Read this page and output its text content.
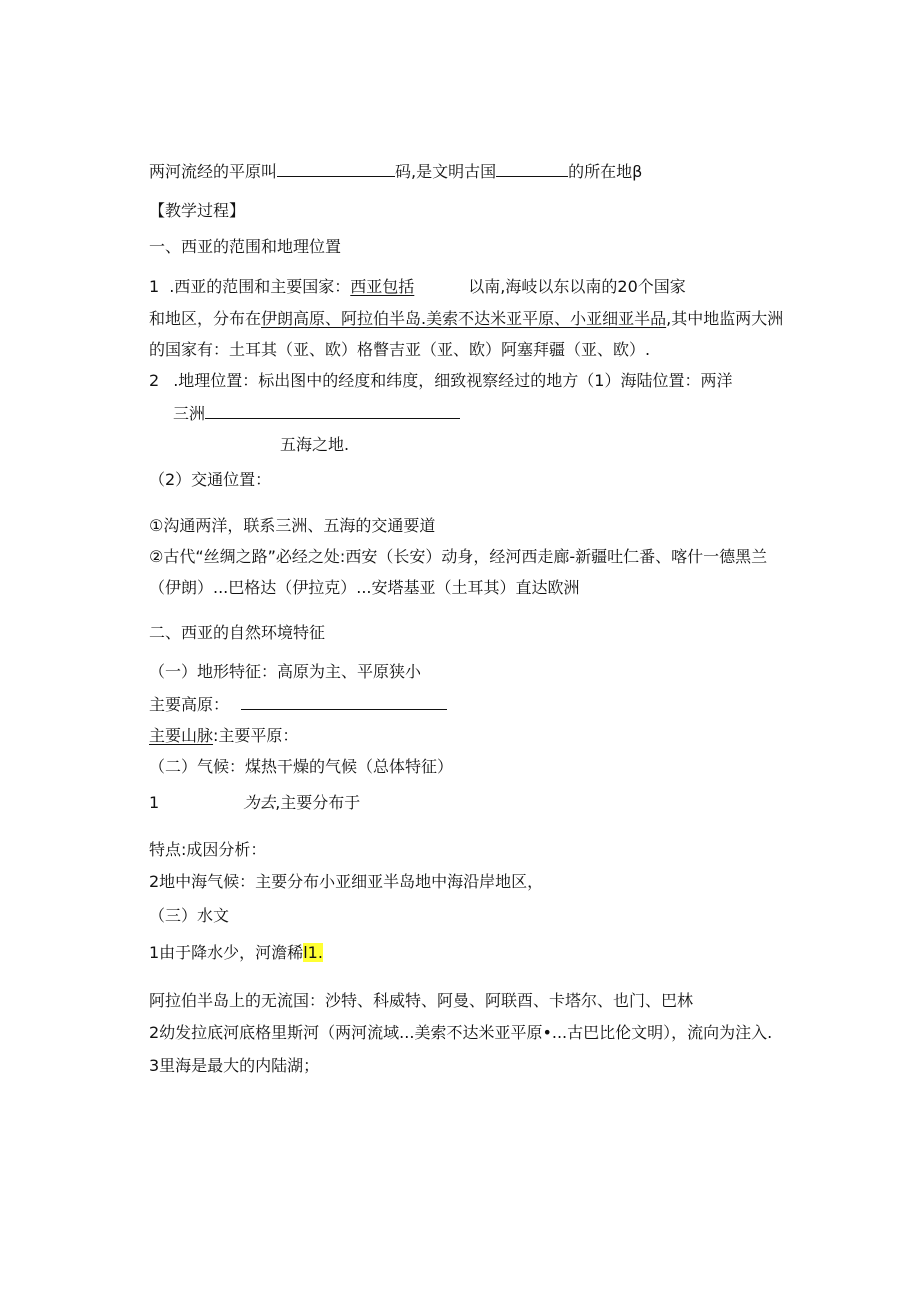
两河流经的平原叫	码,是文明古国	的所在地β
【教学过程】
一、西亚的范围和地理位置
1 .西亚的范围和主要国家：西亚包括	以南,海岐以东以南的20个国家
和地区，分布在伊朗高原、阿拉伯半岛.美索不达米亚平原、小亚细亚半品,其中地监两大洲
的国家有：土耳其（亚、欧）格瞥吉亚（亚、欧）阿塞拜疆（亚、欧）.
2 .地理位置：标出图中的经度和纬度，细致视察经过的地方（1）海陆位置：两洋
三洲
五海之地.
（2）交通位置：
①沟通两洋，联系三洲、五海的交通要道
②古代“丝绸之路”必经之处:西安（长安）动身，经河西走廊-新疆吐仁番、喀什一德黑兰
（伊朗）...巴格达（伊拉克）...安塔基亚（土耳其）直达欧洲
二、西亚的自然环境特征
（一）地形特征：高原为主、平原狭小
主要高原：
主要山脉:主要平原：
（二）气候：煤热干燥的气候（总体特征）
1	为去,主要分布于
特点:成因分析：
2地中海气候：主要分布小亚细亚半岛地中海沿岸地区，
（三）水文
1由于降水少，河澹稀l1.
阿拉伯半岛上的无流国：沙特、科威特、阿曼、阿联酉、卡塔尔、也门、巴林
2幼发拉底河底格里斯河（两河流域...美索不达米亚平原•...古巴比伦文明），流向为注入.
3里海是最大的内陆湖；
